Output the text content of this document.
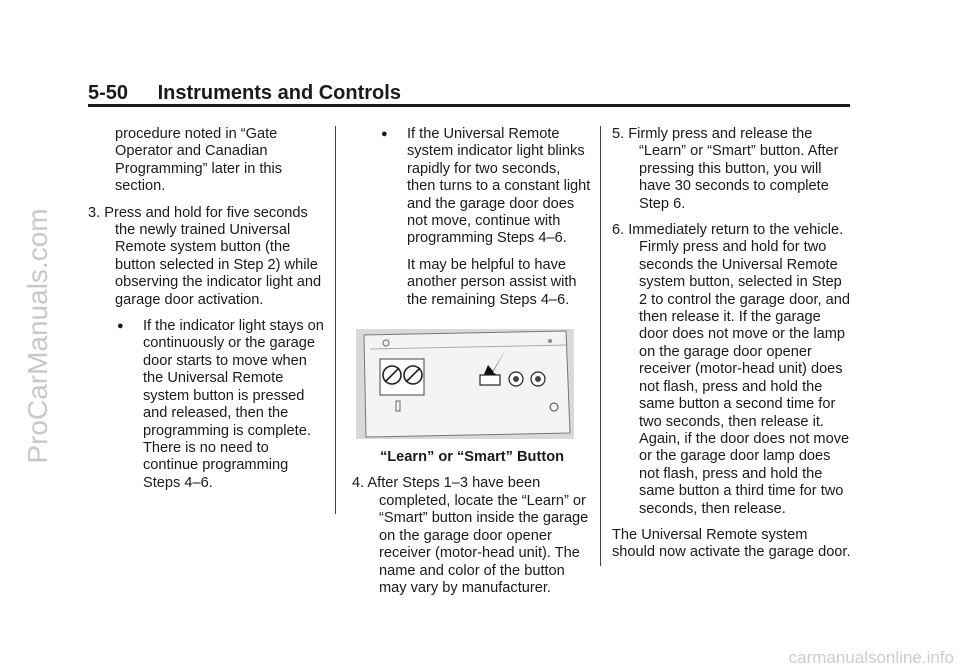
5-50 Instruments and Controls

procedure noted in “Gate Operator and Canadian Programming” later in this section.

3. Press and hold for five seconds the newly trained Universal Remote system button (the button selected in Step 2) while observing the indicator light and garage door activation.

● If the indicator light stays on continuously or the garage door starts to move when the Universal Remote system button is pressed and released, then the programming is complete. There is no need to continue programming Steps 4–6.
● If the Universal Remote system indicator light blinks rapidly for two seconds, then turns to a constant light and the garage door does not move, continue with programming Steps 4–6.

It may be helpful to have another person assist with the remaining Steps 4–6.

“Learn” or “Smart” Button

4. After Steps 1–3 have been completed, locate the “Learn” or “Smart” button inside the garage on the garage door opener receiver (motor-head unit). The name and color of the button may vary by manufacturer.

5. Firmly press and release the “Learn” or “Smart” button. After pressing this button, you will have 30 seconds to complete Step 6.

6. Immediately return to the vehicle. Firmly press and hold for two seconds the Universal Remote system button, selected in Step 2 to control the garage door, and then release it. If the garage door does not move or the lamp on the garage door opener receiver (motor-head unit) does not flash, press and hold the same button a second time for two seconds, then release it. Again, if the door does not move or the garage door lamp does not flash, press and hold the same button a third time for two seconds, then release.

The Universal Remote system should now activate the garage door.

ProCarManuals.com
carmanualsonline.info
